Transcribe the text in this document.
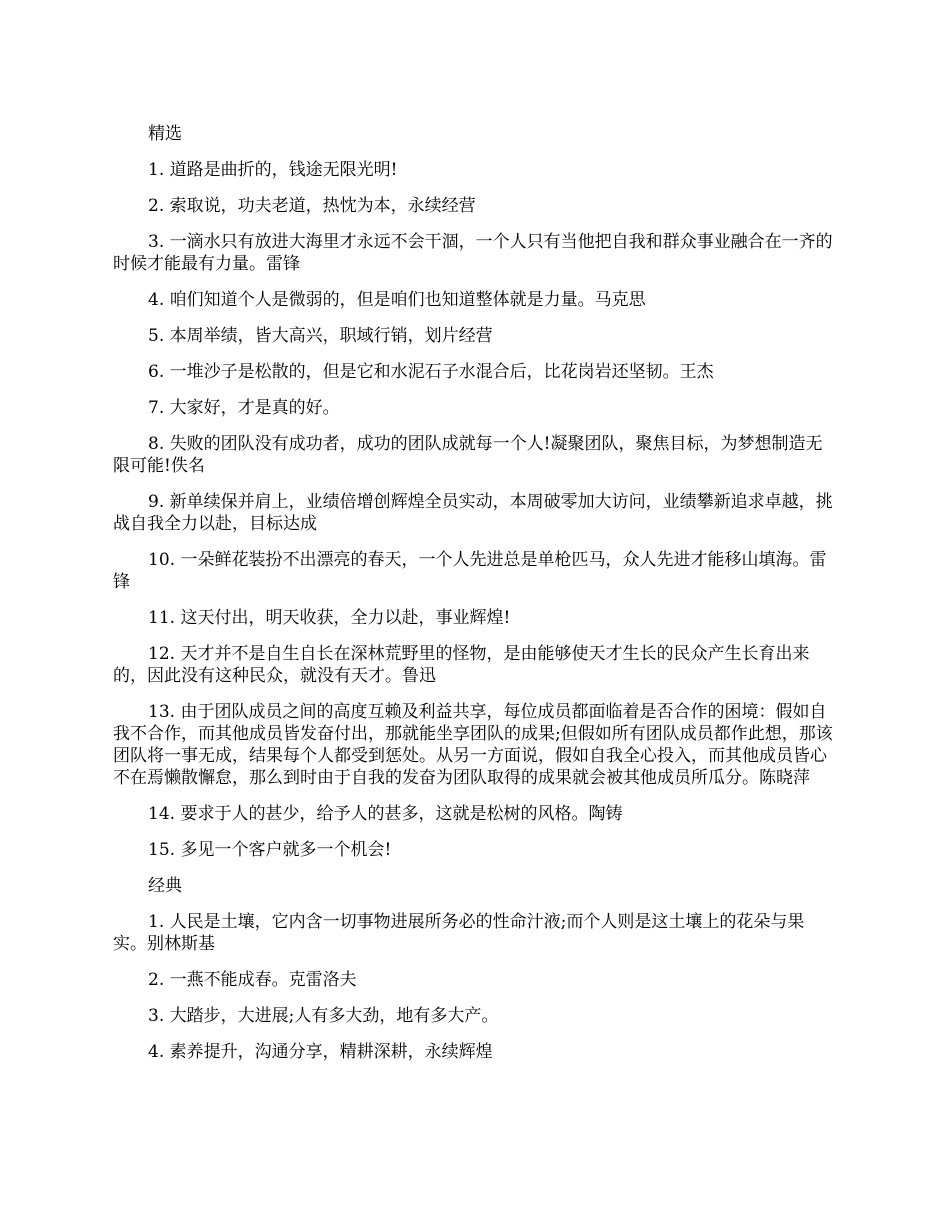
精选

1. 道路是曲折的，钱途无限光明!

2. 索取说，功夫老道，热忱为本，永续经营

3. 一滴水只有放进大海里才永远不会干涸，一个人只有当他把自我和群众事业融合在一齐的时候才能最有力量。雷锋

4. 咱们知道个人是微弱的，但是咱们也知道整体就是力量。马克思

5. 本周举绩，皆大高兴，职域行销，划片经营

6. 一堆沙子是松散的，但是它和水泥石子水混合后，比花岗岩还坚韧。王杰

7. 大家好，才是真的好。

8. 失败的团队没有成功者，成功的团队成就每一个人!凝聚团队，聚焦目标，为梦想制造无限可能!佚名

9. 新单续保并肩上，业绩倍增创辉煌全员实动，本周破零加大访问，业绩攀新追求卓越，挑战自我全力以赴，目标达成

10. 一朵鲜花装扮不出漂亮的春天，一个人先进总是单枪匹马，众人先进才能移山填海。雷锋

11. 这天付出，明天收获，全力以赴，事业辉煌!

12. 天才并不是自生自长在深林荒野里的怪物，是由能够使天才生长的民众产生长育出来的，因此没有这种民众，就没有天才。鲁迅

13. 由于团队成员之间的高度互赖及利益共享，每位成员都面临着是否合作的困境：假如自我不合作，而其他成员皆发奋付出，那就能坐享团队的成果;但假如所有团队成员都作此想，那该团队将一事无成，结果每个人都受到惩处。从另一方面说，假如自我全心投入，而其他成员皆心不在焉懒散懈怠，那么到时由于自我的发奋为团队取得的成果就会被其他成员所瓜分。陈晓萍

14. 要求于人的甚少，给予人的甚多，这就是松树的风格。陶铸

15. 多见一个客户就多一个机会!

经典

1. 人民是土壤，它内含一切事物进展所务必的性命汁液;而个人则是这土壤上的花朵与果实。别林斯基

2. 一燕不能成春。克雷洛夫

3. 大踏步，大进展;人有多大劲，地有多大产。

4. 素养提升，沟通分享，精耕深耕，永续辉煌
